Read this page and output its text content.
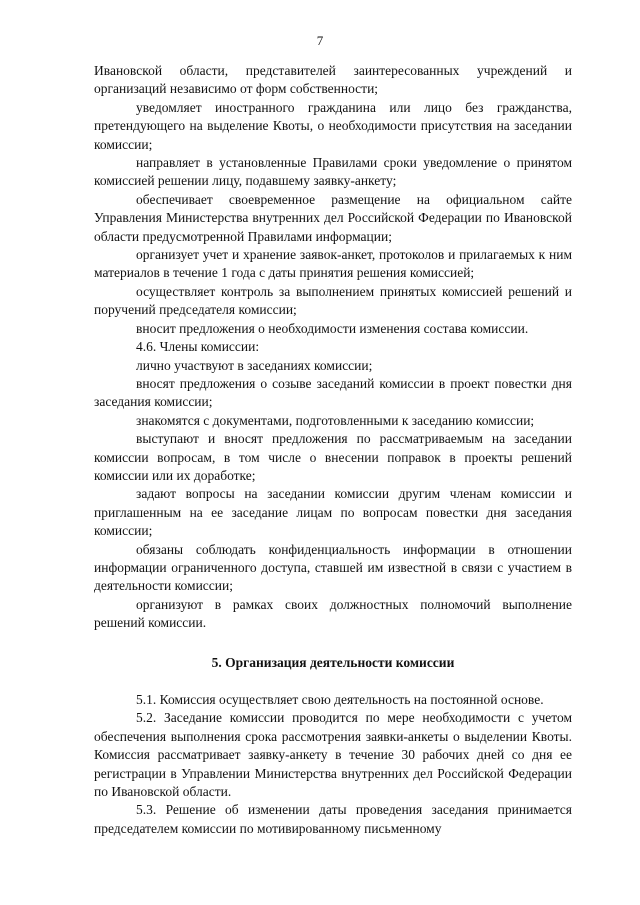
7

Ивановской области, представителей заинтересованных учреждений и организаций независимо от форм собственности;

уведомляет иностранного гражданина или лицо без гражданства, претендующего на выделение Квоты, о необходимости присутствия на заседании комиссии;

направляет в установленные Правилами сроки уведомление о принятом комиссией решении лицу, подавшему заявку-анкету;

обеспечивает своевременное размещение на официальном сайте Управления Министерства внутренних дел Российской Федерации по Ивановской области предусмотренной Правилами информации;

организует учет и хранение заявок-анкет, протоколов и прилагаемых к ним материалов в течение 1 года с даты принятия решения комиссией;

осуществляет контроль за выполнением принятых комиссией решений и поручений председателя комиссии;

вносит предложения о необходимости изменения состава комиссии.

4.6. Члены комиссии:

лично участвуют в заседаниях комиссии;

вносят предложения о созыве заседаний комиссии в проект повестки дня заседания комиссии;

знакомятся с документами, подготовленными к заседанию комиссии;

выступают и вносят предложения по рассматриваемым на заседании комиссии вопросам, в том числе о внесении поправок в проекты решений комиссии или их доработке;

задают вопросы на заседании комиссии другим членам комиссии и приглашенным на ее заседание лицам по вопросам повестки дня заседания комиссии;

обязаны соблюдать конфиденциальность информации в отношении информации ограниченного доступа, ставшей им известной в связи с участием в деятельности комиссии;

организуют в рамках своих должностных полномочий выполнение решений комиссии.

5. Организация деятельности комиссии

5.1. Комиссия осуществляет свою деятельность на постоянной основе.

5.2. Заседание комиссии проводится по мере необходимости с учетом обеспечения выполнения срока рассмотрения заявки-анкеты о выделении Квоты. Комиссия рассматривает заявку-анкету в течение 30 рабочих дней со дня ее регистрации в Управлении Министерства внутренних дел Российской Федерации по Ивановской области.

5.3. Решение об изменении даты проведения заседания принимается председателем комиссии по мотивированному письменному
